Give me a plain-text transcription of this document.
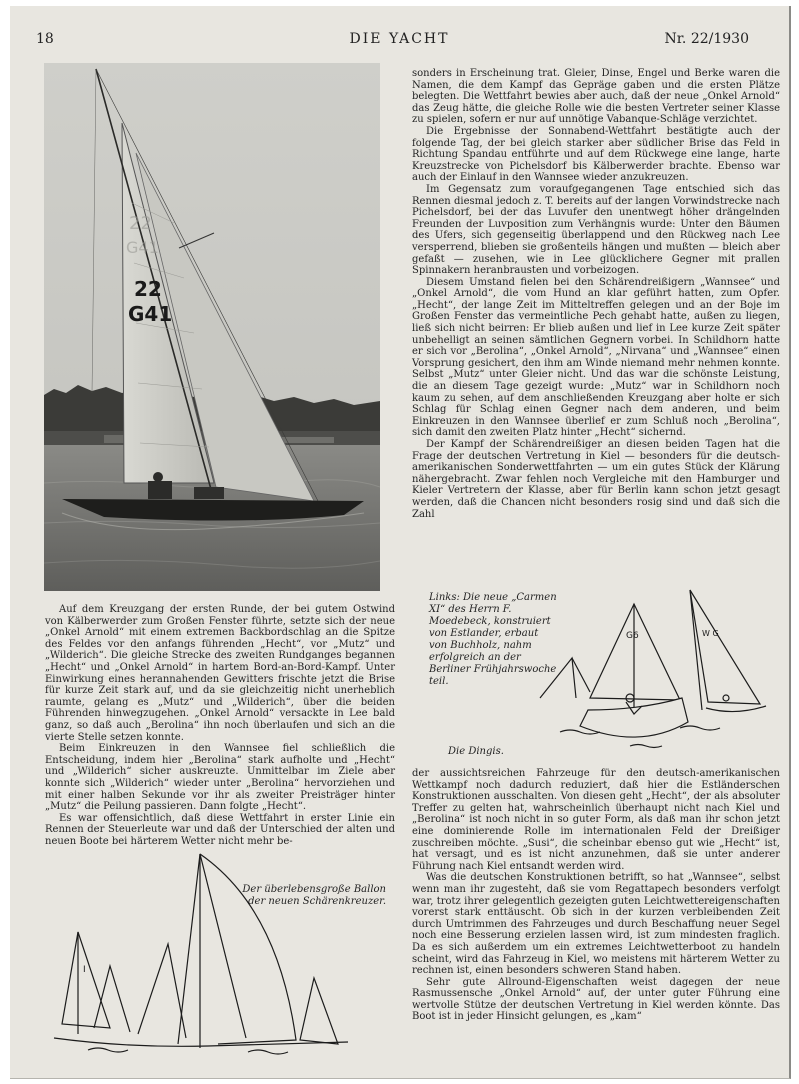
18	DIE YACHT	Nr. 22/1930
22
G41
22
G41

sonders in Erscheinung trat. Gleier, Dinse, Engel und Berke waren die Namen, die dem Kampf das Gepräge gaben und die ersten Plätze belegten. Die Wettfahrt bewies aber auch, daß der neue „Onkel Arnold“ das Zeug hätte, die gleiche Rolle wie die besten Vertreter seiner Klasse zu spielen, sofern er nur auf unnötige Vabanque-Schläge verzichtet.

Die Ergebnisse der Sonnabend-Wettfahrt bestätigte auch der folgende Tag, der bei gleich starker aber südlicher Brise das Feld in Richtung Spandau entführte und auf dem Rückwege eine lange, harte Kreuzstrecke von Pichelsdorf bis Kälberwerder brachte. Ebenso war auch der Einlauf in den Wannsee wieder anzukreuzen.

Im Gegensatz zum voraufgegangenen Tage entschied sich das Rennen diesmal jedoch z. T. bereits auf der langen Vorwindstrecke nach Pichelsdorf, bei der das Luvufer den unentwegt höher drängelnden Freunden der Luvposition zum Verhängnis wurde: Unter den Bäumen des Ufers, sich gegenseitig überlappend und den Rückweg nach Lee versperrend, blieben sie großenteils hängen und mußten — bleich aber gefaßt — zusehen, wie in Lee glücklichere Gegner mit prallen Spinnakern heranbrausten und vorbeizogen.

Diesem Umstand fielen bei den Schärendreißigern „Wannsee“ und „Onkel Arnold“, die vom Hund an klar geführt hatten, zum Opfer. „Hecht“, der lange Zeit im Mitteltreffen gelegen und an der Boje im Großen Fenster das vermeintliche Pech gehabt hatte, außen zu liegen, ließ sich nicht beirren: Er blieb außen und lief in Lee kurze Zeit später unbehelligt an seinen sämtlichen Gegnern vorbei. In Schildhorn hatte er sich vor „Berolina“, „Onkel Arnold“, „Nirvana“ und „Wannsee“ einen Vorsprung gesichert, den ihm am Winde niemand mehr nehmen konnte. Selbst „Mutz“ unter Gleier nicht. Und das war die schönste Leistung, die an diesem Tage gezeigt wurde: „Mutz“ war in Schildhorn noch kaum zu sehen, auf dem anschließenden Kreuzgang aber holte er sich Schlag für Schlag einen Gegner nach dem anderen, und beim Einkreuzen in den Wannsee überlief er zum Schluß noch „Berolina“, sich damit den zweiten Platz hinter „Hecht“ sichernd.

Der Kampf der Schärendreißiger an diesen beiden Tagen hat die Frage der deutschen Vertretung in Kiel — besonders für die deutsch-amerikanischen Sonderwettfahrten — um ein gutes Stück der Klärung nähergebracht. Zwar fehlen noch Vergleiche mit den Hamburger und Kieler Vertretern der Klasse, aber für Berlin kann schon jetzt gesagt werden, daß die Chancen nicht besonders rosig sind und daß sich die Zahl

Auf dem Kreuzgang der ersten Runde, der bei gutem Ostwind von Kälberwerder zum Großen Fenster führte, setzte sich der neue „Onkel Arnold“ mit einem extremen Backbordschlag an die Spitze des Feldes vor den anfangs führenden „Hecht“, vor „Mutz“ und „Wilderich“. Die gleiche Strecke des zweiten Rundganges begannen „Hecht“ und „Onkel Arnold“ in hartem Bord-an-Bord-Kampf. Unter Einwirkung eines herannahenden Gewitters frischte jetzt die Brise für kurze Zeit stark auf, und da sie gleichzeitig nicht unerheblich raumte, gelang es „Mutz“ und „Wilderich“, über die beiden Führenden hinwegzugehen. „Onkel Arnold“ versackte in Lee bald ganz, so daß auch „Berolina“ ihn noch überlaufen und sich an die vierte Stelle setzen konnte.

Beim Einkreuzen in den Wannsee fiel schließlich die Entscheidung, indem hier „Berolina“ stark aufholte und „Hecht“ und „Wilderich“ sicher auskreuzte. Unmittelbar im Ziele aber konnte sich „Wilderich“ wieder unter „Berolina“ hervorziehen und mit einer halben Sekunde vor ihr als zweiter Preisträger hinter „Mutz“ die Peilung passieren. Dann folgte „Hecht“.

Es war offensichtlich, daß diese Wettfahrt in erster Linie ein Rennen der Steuerleute war und daß der Unterschied der alten und neuen Boote bei härterem Wetter nicht mehr be-

Links: Die neue „Carmen XI“ des Herrn F. Moedebeck, konstruiert von Estlander, erbaut von Buchholz, nahm erfolgreich an der Berliner Frühjahrswoche teil.
G6	W G
Die Dingis.

der aussichtsreichen Fahrzeuge für den deutsch-amerikanischen Wettkampf noch dadurch reduziert, daß hier die Estländerschen Konstruktionen ausschalten. Von diesen geht „Hecht“, der als absoluter Treffer zu gelten hat, wahrscheinlich überhaupt nicht nach Kiel und „Berolina“ ist noch nicht in so guter Form, als daß man ihr schon jetzt eine dominierende Rolle im internationalen Feld der Dreißiger zuschreiben möchte. „Susi“, die scheinbar ebenso gut wie „Hecht“ ist, hat versagt, und es ist nicht anzunehmen, daß sie unter anderer Führung nach Kiel entsandt werden wird.

Was die deutschen Konstruktionen betrifft, so hat „Wannsee“, selbst wenn man ihr zugesteht, daß sie vom Regattapech besonders verfolgt war, trotz ihrer gelegentlich gezeigten guten Leichtwettereigenschaften vorerst stark enttäuscht. Ob sich in der kurzen verbleibenden Zeit durch Umtrimmen des Fahrzeuges und durch Beschaffung neuer Segel noch eine Besserung erzielen lassen wird, ist zum mindesten fraglich. Da es sich außerdem um ein extremes Leichtwetterboot zu handeln scheint, wird das Fahrzeug in Kiel, wo meistens mit härterem Wetter zu rechnen ist, einen besonders schweren Stand haben.

Sehr gute Allround-Eigenschaften weist dagegen der neue Rasmussensche „Onkel Arnold“ auf, der unter guter Führung eine wertvolle Stütze der deutschen Vertretung in Kiel werden könnte. Das Boot ist in jeder Hinsicht gelungen, es „kam“

I
Der überlebensgroße Ballon der neuen Schärenkreuzer.
